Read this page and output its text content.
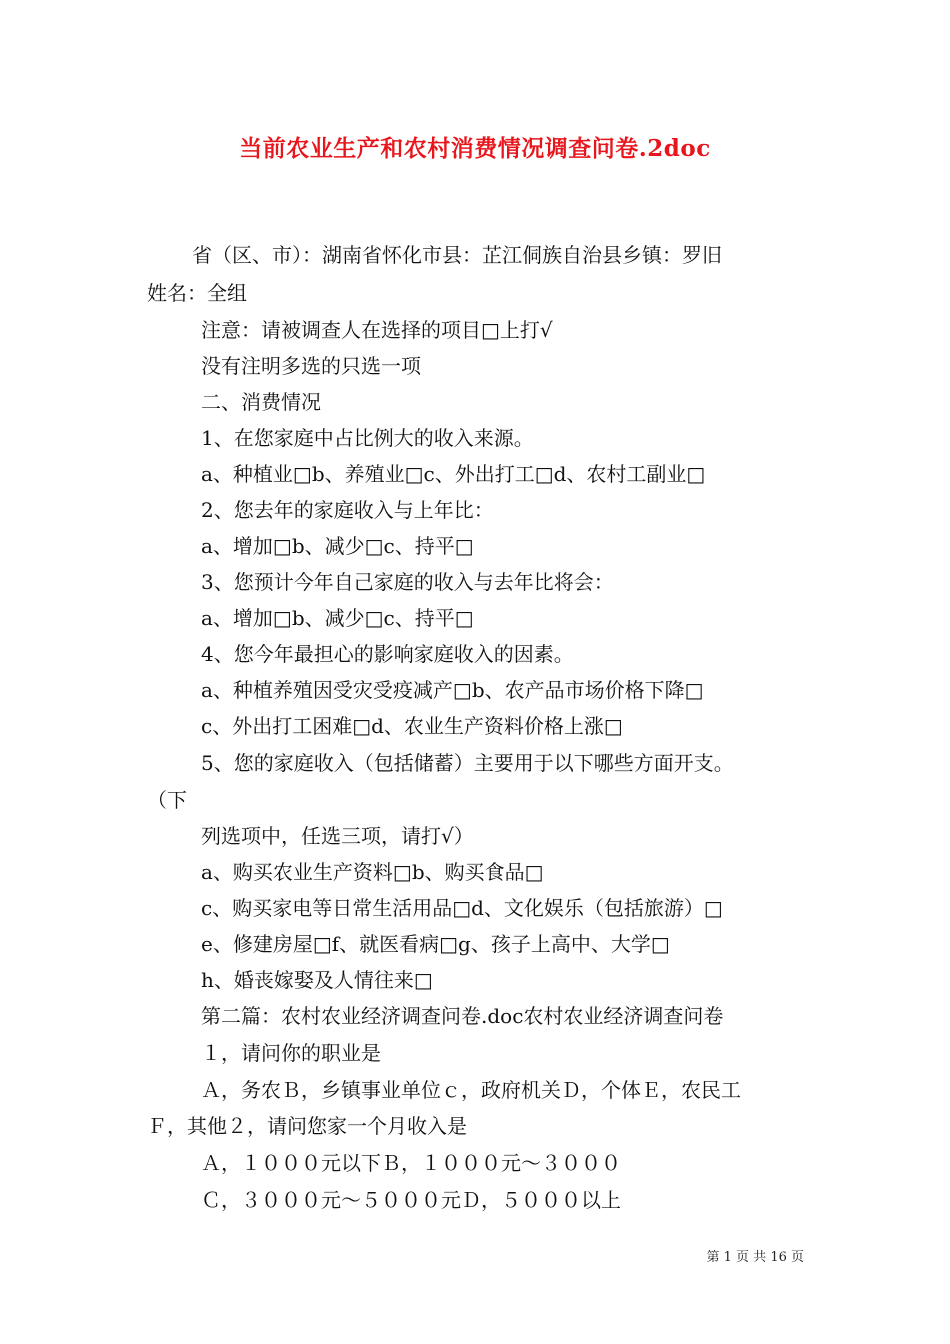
当前农业生产和农村消费情况调查问卷.2doc
省（区、市）：湖南省怀化市县：芷江侗族自治县乡镇：罗旧
姓名：全组
注意：请被调查人在选择的项目□上打√
没有注明多选的只选一项
二、消费情况
1、在您家庭中占比例大的收入来源。
a、种植业□b、养殖业□c、外出打工□d、农村工副业□
2、您去年的家庭收入与上年比：
a、增加□b、减少□c、持平□
3、您预计今年自己家庭的收入与去年比将会：
a、增加□b、减少□c、持平□
4、您今年最担心的影响家庭收入的因素。
a、种植养殖因受灾受疫减产□b、农产品市场价格下降□
c、外出打工困难□d、农业生产资料价格上涨□
5、您的家庭收入（包括储蓄）主要用于以下哪些方面开支。
（下
列选项中，任选三项，请打√）
a、购买农业生产资料□b、购买食品□
c、购买家电等日常生活用品□d、文化娱乐（包括旅游）□
e、修建房屋□f、就医看病□g、孩子上高中、大学□
h、婚丧嫁娶及人情往来□
第二篇：农村农业经济调查问卷.doc农村农业经济调查问卷
１，请问你的职业是
Ａ，务农Ｂ，乡镇事业单位ｃ，政府机关Ｄ，个体Ｅ，农民工
Ｆ，其他２，请问您家一个月收入是
Ａ，１０００元以下Ｂ，１０００元～３０００
Ｃ，３０００元～５０００元Ｄ，５０００以上
第 1 页 共 16 页
